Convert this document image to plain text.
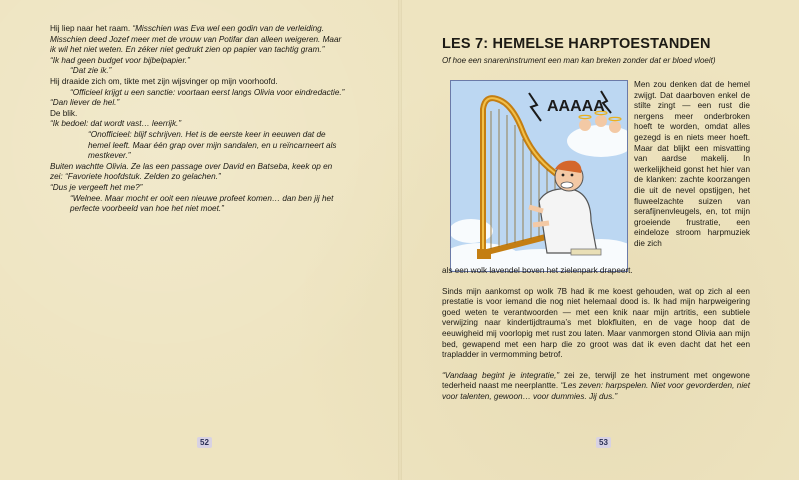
Hij liep naar het raam. “Misschien was Eva wel een godin van de verleiding. Misschien deed Jozef meer met de vrouw van Potifar dan alleen weigeren. Maar ik wil het niet weten. En zéker niet gedrukt zien op papier van tachtig gram.”

“Ik had geen budget voor bijbelpapier.”

“Dat zie ik.”

Hij draaide zich om, tikte met zijn wijsvinger op mijn voorhoofd.

“Officieel krijgt u een sanctie: voortaan eerst langs Olivia voor eindredactie.”

“Dan liever de hel.”

De blik.

“Ik bedoel: dat wordt vast… leerrijk.”

“Onofficieel: blijf schrijven. Het is de eerste keer in eeuwen dat de hemel leeft. Maar één grap over mijn sandalen, en u reïncarneert als mestkever.”

Buiten wachtte Olivia. Ze las een passage over David en Batseba, keek op en zei: “Favoriete hoofdstuk. Zelden zo gelachen.”

“Dus je vergeeft het me?”

“Welnee. Maar mocht er ooit een nieuwe profeet komen… dan ben jij het perfecte voorbeeld van hoe het niet moet.”

52
LES 7: HEMELSE HARPTOESTANDEN
Of hoe een snareninstrument een man kan breken zonder dat er bloed vloeit)
AAAAA

Men zou denken dat de hemel zwijgt. Dat daarboven enkel de stilte zingt — een rust die nergens meer onderbroken hoeft te worden, omdat alles gezegd is en niets meer hoeft. Maar dat blijkt een misvatting van aardse makelij. In werkelijkheid gonst het hier van de klanken: zachte koorzangen die uit de nevel opstijgen, het fluweelzachte suizen van serafijnenvleugels, en, tot mijn groeiende frustratie, een eindeloze stroom harpmuziek die zich

als een wolk lavendel boven het zielenpark drapeert.

Sinds mijn aankomst op wolk 7B had ik me koest gehouden, wat op zich al een prestatie is voor iemand die nog niet helemaal dood is. Ik had mijn harpweigering goed weten te verantwoorden — met een knik naar mijn artritis, een subtiele verwijzing naar kindertijdtrauma’s met blokfluiten, en de vage hoop dat de eeuwigheid mij voorlopig met rust zou laten. Maar vanmorgen stond Olivia aan mijn bed, gewapend met een harp die zo groot was dat ik even dacht dat het een trapladder in vermomming betrof.

“Vandaag begint je integratie,” zei ze, terwijl ze het instrument met ongewone tederheid naast me neerplantte. “Les zeven: harpspelen. Niet voor gevorderden, niet voor talenten, gewoon… voor dummies. Jij dus.”

53
